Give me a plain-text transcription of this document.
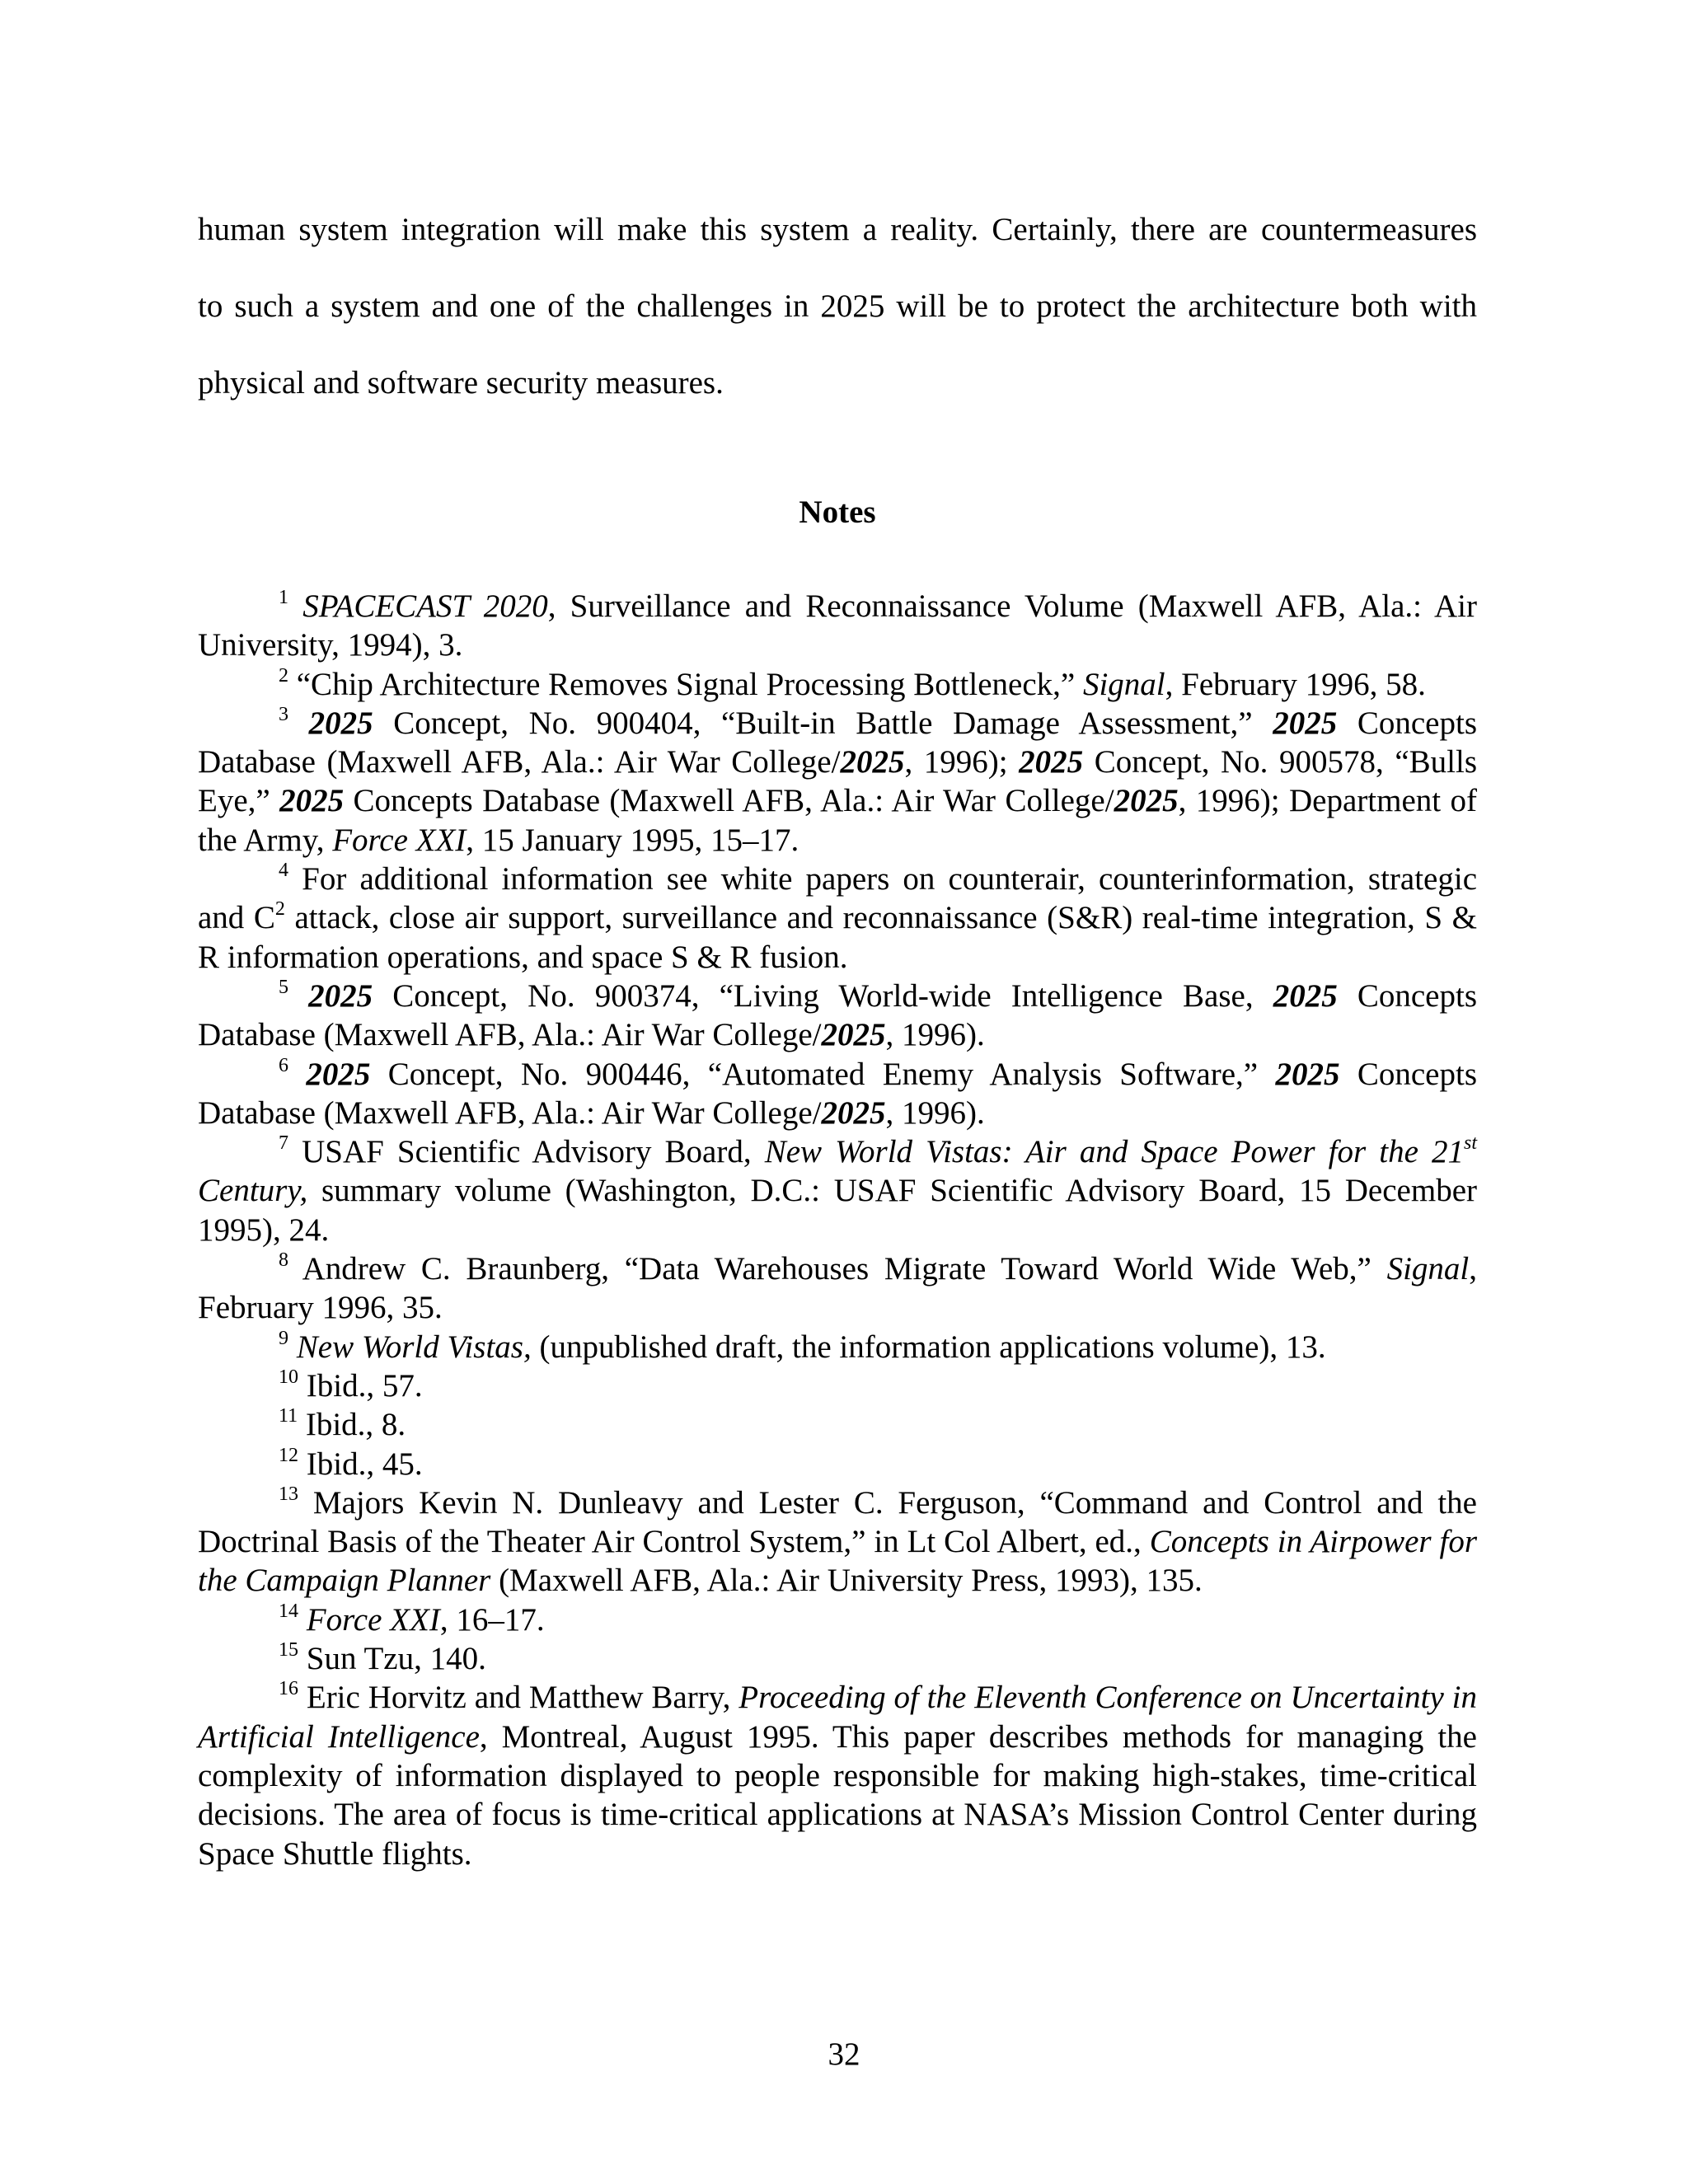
human system integration will make this system a reality. Certainly, there are countermeasures
to such a system and one of the challenges in 2025 will be to protect the architecture both with
physical and software security measures.

Notes

$^1$ SPACECAST 2020, Surveillance and Reconnaissance Volume (Maxwell AFB, Ala.: Air University, 1994), 3.

$^2$ “Chip Architecture Removes Signal Processing Bottleneck,” Signal, February 1996, 58.

$^3$ 2025 Concept, No. 900404, “Built-in Battle Damage Assessment,” 2025 Concepts Database (Maxwell AFB, Ala.: Air War College/2025, 1996); 2025 Concept, No. 900578, “Bulls Eye,” 2025 Concepts Database (Maxwell AFB, Ala.: Air War College/2025, 1996); Department of the Army, Force XXI, 15 January 1995, 15–17.

$^4$ For additional information see white papers on counterair, counterinformation, strategic and $C^2$ attack, close air support, surveillance and reconnaissance (S&R) real-time integration, S & R information operations, and space S & R fusion.

$^5$ 2025 Concept, No. 900374, “Living World-wide Intelligence Base, 2025 Concepts Database (Maxwell AFB, Ala.: Air War College/2025, 1996).

$^6$ 2025 Concept, No. 900446, “Automated Enemy Analysis Software,” 2025 Concepts Database (Maxwell AFB, Ala.: Air War College/2025, 1996).

$^7$ USAF Scientific Advisory Board, New World Vistas: Air and Space Power for the 21st Century, summary volume (Washington, D.C.: USAF Scientific Advisory Board, 15 December 1995), 24.

$^8$ Andrew C. Braunberg, “Data Warehouses Migrate Toward World Wide Web,” Signal, February 1996, 35.

$^9$ New World Vistas, (unpublished draft, the information applications volume), 13.

$^{10}$ Ibid., 57.

$^{11}$ Ibid., 8.

$^{12}$ Ibid., 45.

$^{13}$ Majors Kevin N. Dunleavy and Lester C. Ferguson, “Command and Control and the Doctrinal Basis of the Theater Air Control System,” in Lt Col Albert, ed., Concepts in Airpower for the Campaign Planner (Maxwell AFB, Ala.: Air University Press, 1993), 135.

$^{14}$ Force XXI, 16–17.

$^{15}$ Sun Tzu, 140.

$^{16}$ Eric Horvitz and Matthew Barry, Proceeding of the Eleventh Conference on Uncertainty in Artificial Intelligence, Montreal, August 1995. This paper describes methods for managing the complexity of information displayed to people responsible for making high-stakes, time-critical decisions. The area of focus is time-critical applications at NASA’s Mission Control Center during Space Shuttle flights.

32
